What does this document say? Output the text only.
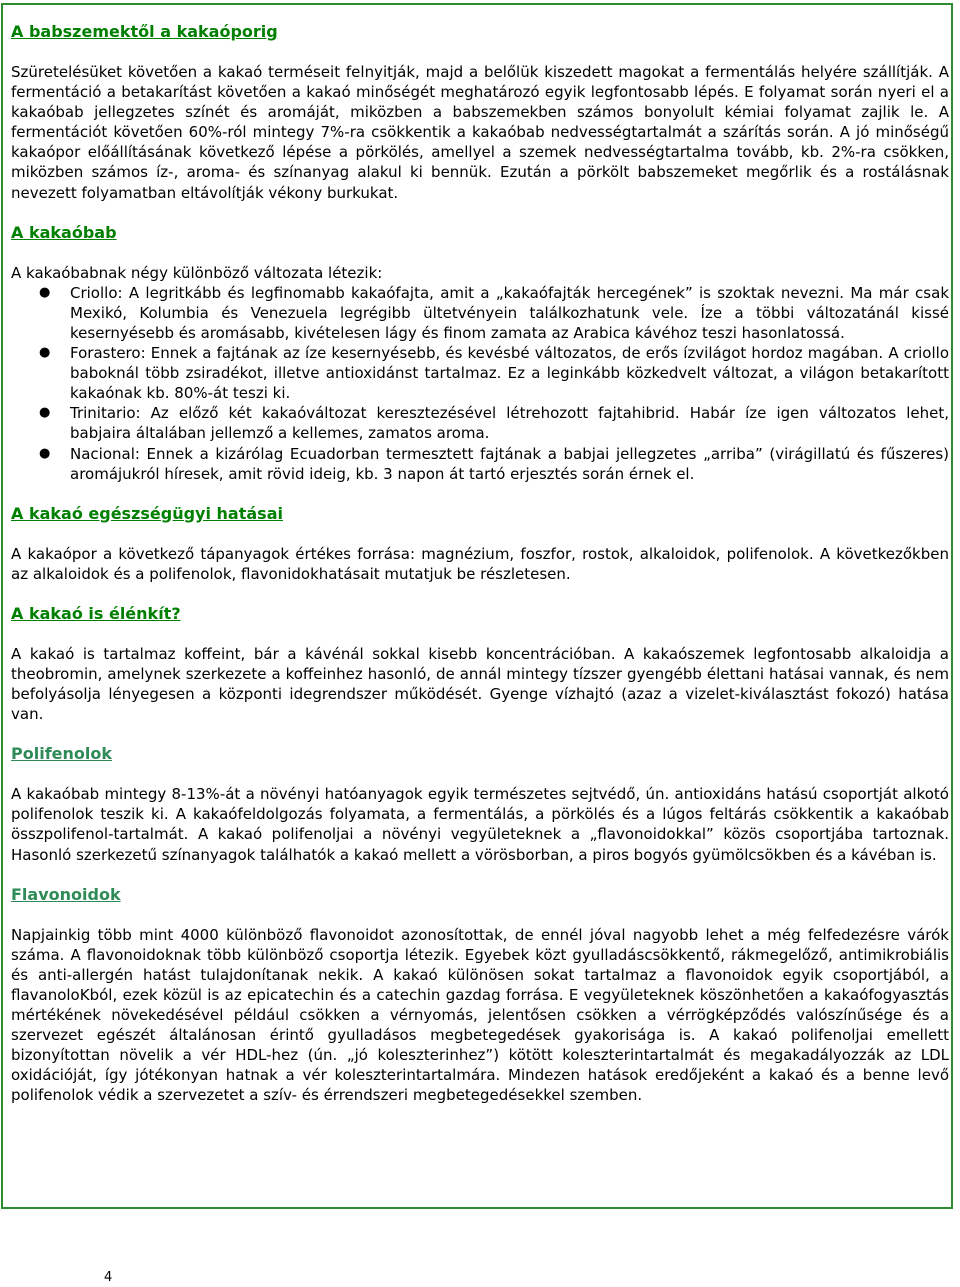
A babszemektől a kakaóporig

Szüretelésüket követően a kakaó terméseit felnyitják, majd a belőlük kiszedett magokat a fermentálás helyére szállítják. A fermentáció a betakarítást követően a kakaó minőségét meghatározó egyik legfontosabb lépés. E folyamat során nyeri el a kakaóbab jellegzetes színét és aromáját, miközben a babszemekben számos bonyolult kémiai folyamat zajlik le. A fermentációt követően 60%-ról mintegy 7%-ra csökkentik a kakaóbab nedvességtartalmát a szárítás során. A jó minőségű kakaópor előállításának következő lépése a pörkölés, amellyel a szemek nedvességtartalma tovább, kb. 2%-ra csökken, miközben számos íz-, aroma- és színanyag alakul ki bennük. Ezután a pörkölt babszemeket megőrlik és a rostálásnak nevezett folyamatban eltávolítják vékony burkukat.

A kakaóbab

A kakaóbabnak négy különböző változata létezik:

● Criollo: A legritkább és legfinomabb kakaófajta, amit a „kakaófajták hercegének” is szoktak nevezni. Ma már csak Mexikó, Kolumbia és Venezuela legrégibb ültetvényein találkozhatunk vele. Íze a többi változatánál kissé kesernyésebb és aromásabb, kivételesen lágy és finom zamata az Arabica kávéhoz teszi hasonlatossá.
● Forastero: Ennek a fajtának az íze kesernyésebb, és kevésbé változatos, de erős ízvilágot hordoz magában. A criollo baboknál több zsiradékot, illetve antioxidánst tartalmaz. Ez a leginkább közkedvelt változat, a világon betakarított kakaónak kb. 80%-át teszi ki.
● Trinitario: Az előző két kakaóváltozat keresztezésével létrehozott fajtahibrid. Habár íze igen változatos lehet, babjaira általában jellemző a kellemes, zamatos aroma.
● Nacional: Ennek a kizárólag Ecuadorban termesztett fajtának a babjai jellegzetes „arriba” (virágillatú és fűszeres) aromájukról híresek, amit rövid ideig, kb. 3 napon át tartó erjesztés során érnek el.
A kakaó egészségügyi hatásai

A kakaópor a következő tápanyagok értékes forrása: magnézium, foszfor, rostok, alkaloidok, polifenolok. A következőkben az alkaloidok és a polifenolok, flavonidokhatásait mutatjuk be részletesen.

A kakaó is élénkít?

A kakaó is tartalmaz koffeint, bár a kávénál sokkal kisebb koncentrációban. A kakaószemek legfontosabb alkaloidja a theobromin, amelynek szerkezete a koffeinhez hasonló, de annál mintegy tízszer gyengébb élettani hatásai vannak, és nem befolyásolja lényegesen a központi idegrendszer működését. Gyenge vízhajtó (azaz a vizelet-kiválasztást fokozó) hatása van.

Polifenolok

A kakaóbab mintegy 8-13%-át a növényi hatóanyagok egyik természetes sejtvédő, ún. antioxidáns hatású csoportját alkotó polifenolok teszik ki. A kakaófeldolgozás folyamata, a fermentálás, a pörkölés és a lúgos feltárás csökkentik a kakaóbab összpolifenol-tartalmát. A kakaó polifenoljai a növényi vegyületeknek a „flavonoidokkal” közös csoportjába tartoznak. Hasonló szerkezetű színanyagok találhatók a kakaó mellett a vörösborban, a piros bogyós gyümölcsökben és a kávéban is.

Flavonoidok

Napjainkig több mint 4000 különböző flavonoidot azonosítottak, de ennél jóval nagyobb lehet a még felfedezésre várók száma. A flavonoidoknak több különböző csoportja létezik. Egyebek közt gyulladáscsökkentő, rákmegelőző, antimikrobiális és anti-allergén hatást tulajdonítanak nekik. A kakaó különösen sokat tartalmaz a flavonoidok egyik csoportjából, a flavanoloKból, ezek közül is az epicatechin és a catechin gazdag forrása. E vegyületeknek köszönhetően a kakaófogyasztás mértékének növekedésével például csökken a vérnyomás, jelentősen csökken a vérrögképződés valószínűsége és a szervezet egészét általánosan érintő gyulladásos megbetegedések gyakorisága is. A kakaó polifenoljai emellett bizonyítottan növelik a vér HDL-hez (ún. „jó koleszterinhez”) kötött koleszterintartalmát és megakadályozzák az LDL oxidációját, így jótékonyan hatnak a vér koleszterintartalmára. Mindezen hatások eredőjeként a kakaó és a benne levő polifenolok védik a szervezetet a szív- és érrendszeri megbetegedésekkel szemben.

4
